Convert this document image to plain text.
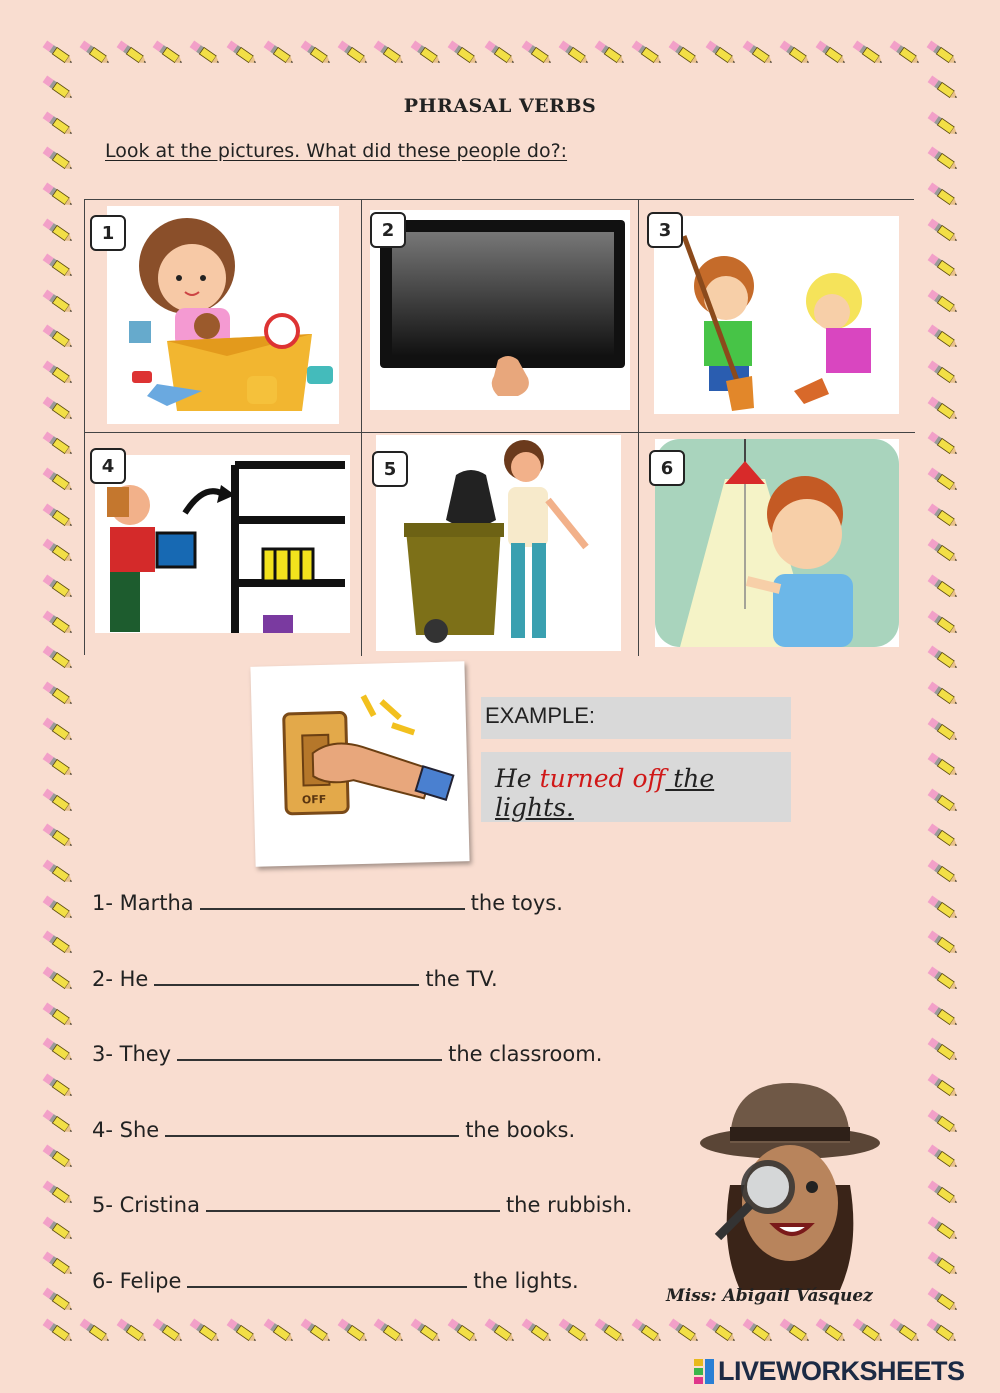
PHRASAL VERBS
Look at the pictures. What did these people do?:
1	2	3
4	5	6
OFF
EXAMPLE:
He turned off the lights.
1- Martha	the toys.
2- He	the TV.
3- They	the classroom.
4- She	the books.
5- Cristina	the rubbish.
6- Felipe	the lights.
Miss: Abigail Vásquez
LIVEWORKSHEETS
